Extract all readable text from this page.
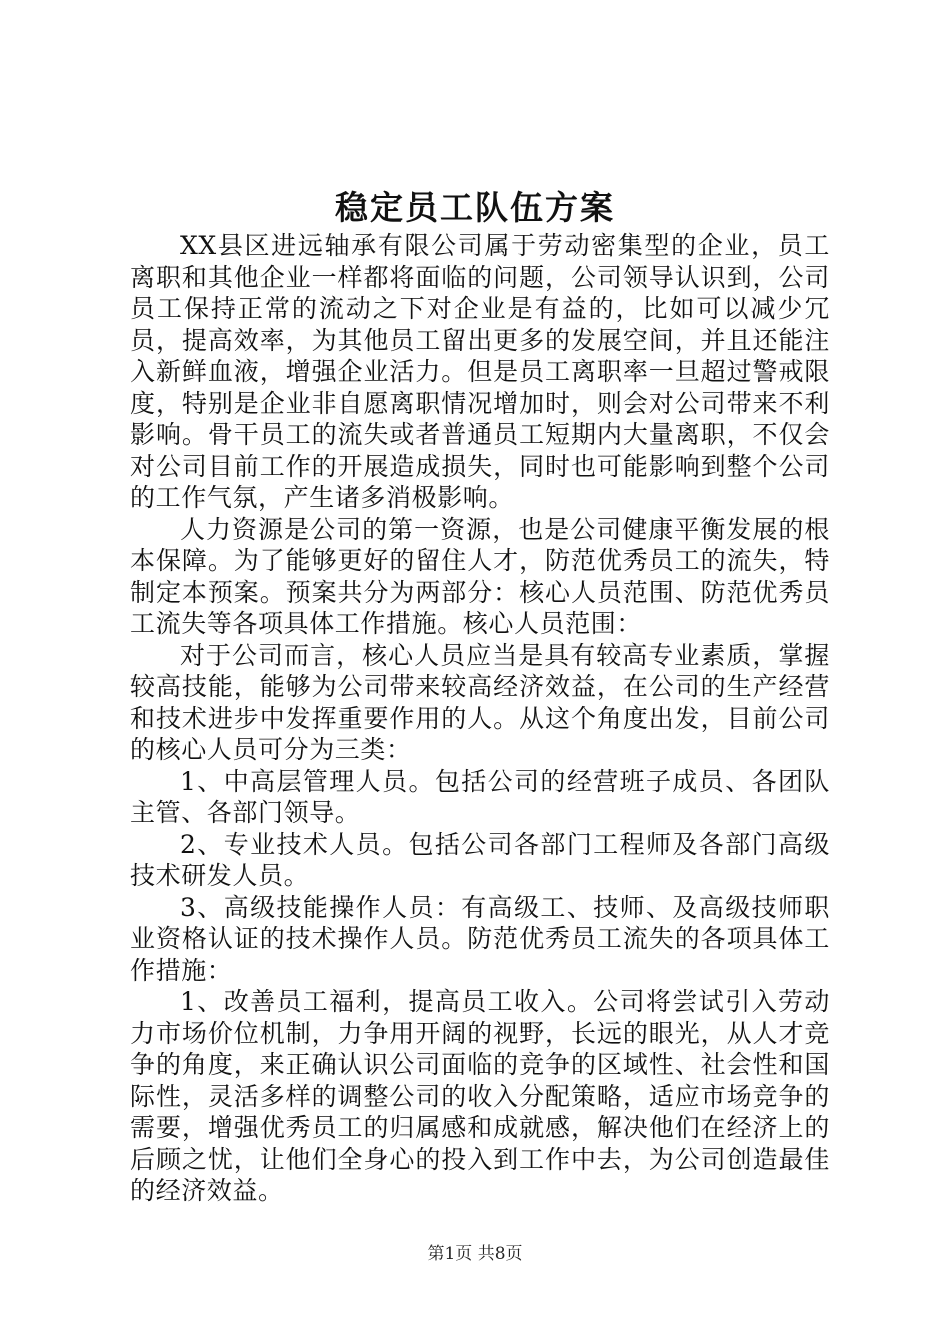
稳定员工队伍方案

XX县区进远轴承有限公司属于劳动密集型的企业，员工离职和其他企业一样都将面临的问题，公司领导认识到，公司员工保持正常的流动之下对企业是有益的，比如可以减少冗员，提高效率，为其他员工留出更多的发展空间，并且还能注入新鲜血液，增强企业活力。但是员工离职率一旦超过警戒限度，特别是企业非自愿离职情况增加时，则会对公司带来不利影响。骨干员工的流失或者普通员工短期内大量离职，不仅会对公司目前工作的开展造成损失，同时也可能影响到整个公司的工作气氛，产生诸多消极影响。

人力资源是公司的第一资源，也是公司健康平衡发展的根本保障。为了能够更好的留住人才，防范优秀员工的流失，特制定本预案。预案共分为两部分：核心人员范围、防范优秀员工流失等各项具体工作措施。核心人员范围：

对于公司而言，核心人员应当是具有较高专业素质，掌握较高技能，能够为公司带来较高经济效益，在公司的生产经营和技术进步中发挥重要作用的人。从这个角度出发，目前公司的核心人员可分为三类：

1、中高层管理人员。包括公司的经营班子成员、各团队主管、各部门领导。

2、专业技术人员。包括公司各部门工程师及各部门高级技术研发人员。

3、高级技能操作人员：有高级工、技师、及高级技师职业资格认证的技术操作人员。防范优秀员工流失的各项具体工作措施：

1、改善员工福利，提高员工收入。公司将尝试引入劳动力市场价位机制，力争用开阔的视野，长远的眼光，从人才竞争的角度，来正确认识公司面临的竞争的区域性、社会性和国际性，灵活多样的调整公司的收入分配策略，适应市场竞争的需要，增强优秀员工的归属感和成就感，解决他们在经济上的后顾之忧，让他们全身心的投入到工作中去，为公司创造最佳的经济效益。

第1页 共8页
